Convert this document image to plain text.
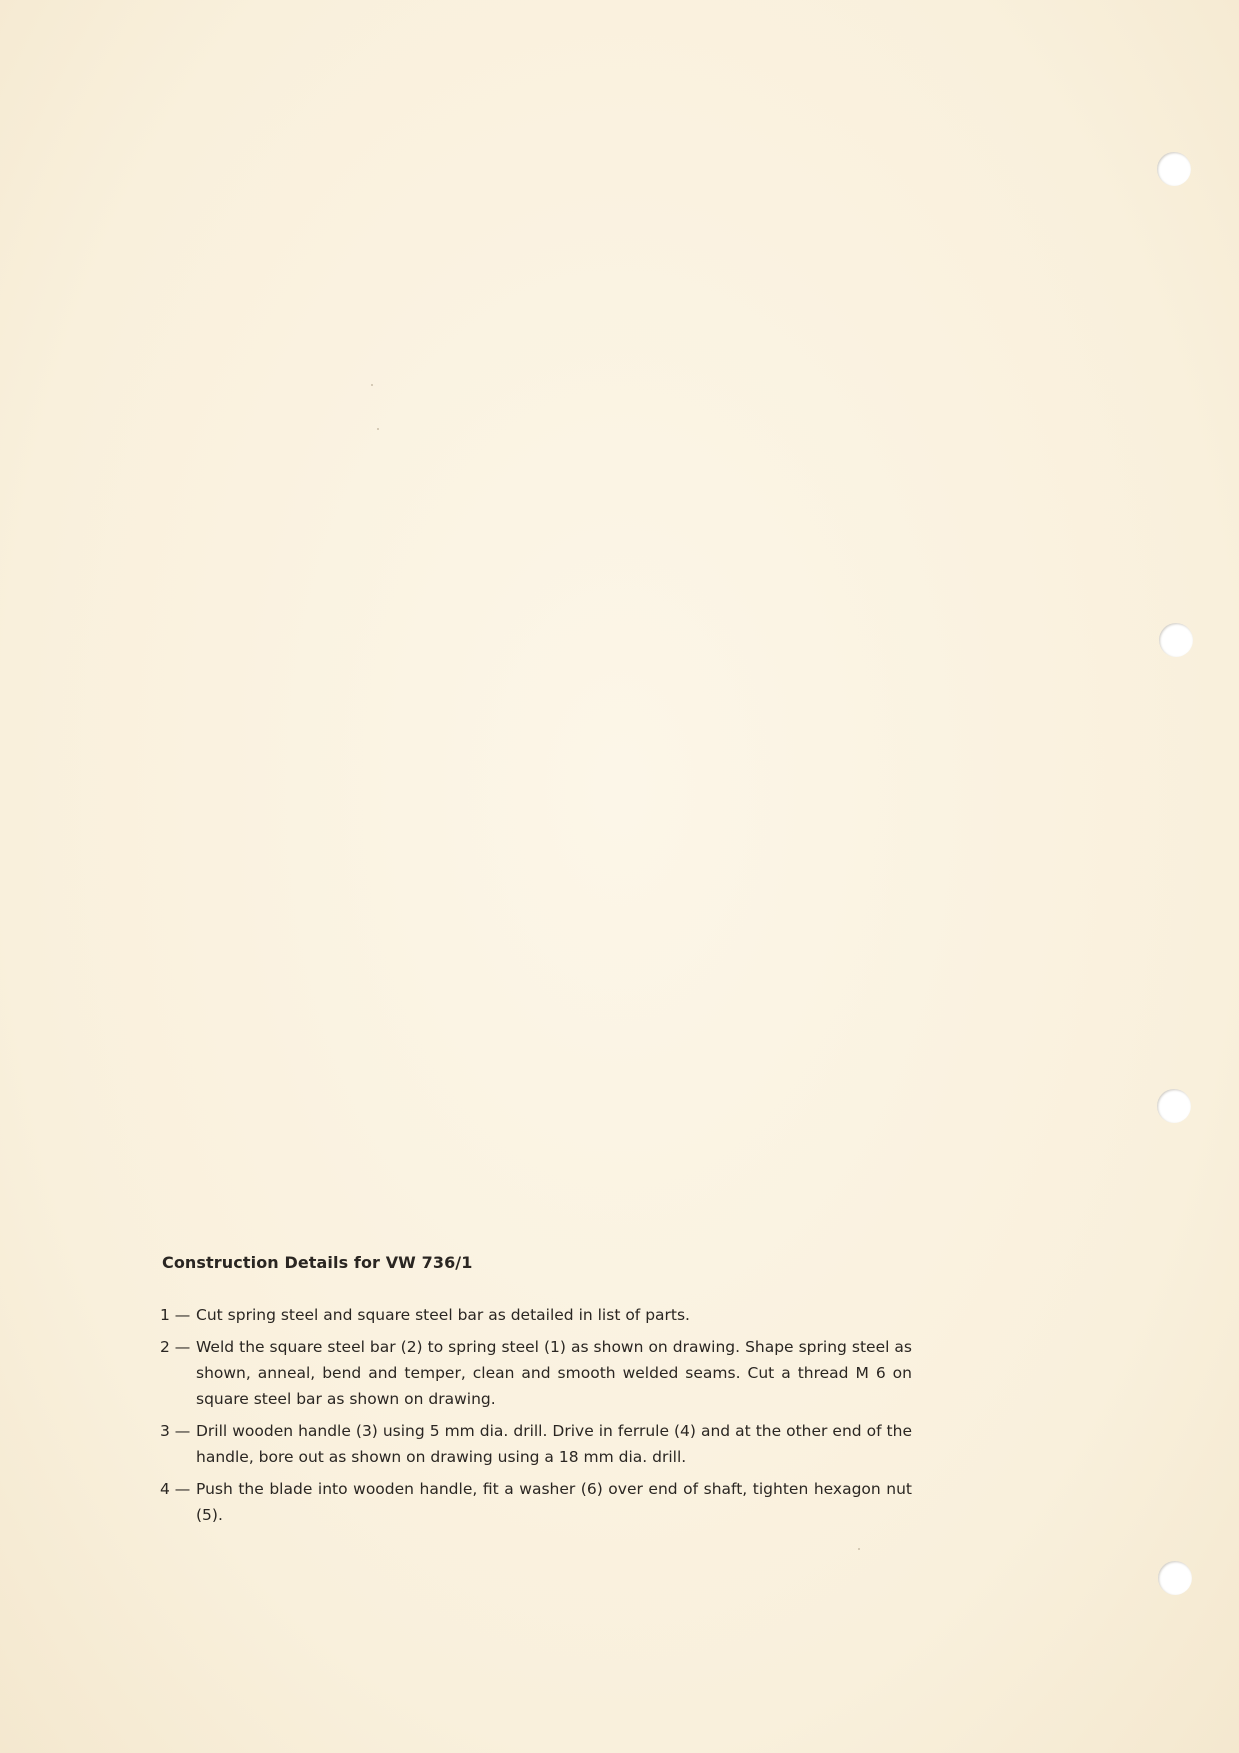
Construction Details for VW 736/1
1 — Cut spring steel and square steel bar as detailed in list of parts.
2 — Weld the square steel bar (2) to spring steel (1) as shown on drawing. Shape spring steel as shown, anneal, bend and temper, clean and smooth welded seams. Cut a thread M 6 on square steel bar as shown on drawing.
3 — Drill wooden handle (3) using 5 mm dia. drill. Drive in ferrule (4) and at the other end of the handle, bore out as shown on drawing using a 18 mm dia. drill.
4 — Push the blade into wooden handle, fit a washer (6) over end of shaft, tighten hexagon nut (5).
